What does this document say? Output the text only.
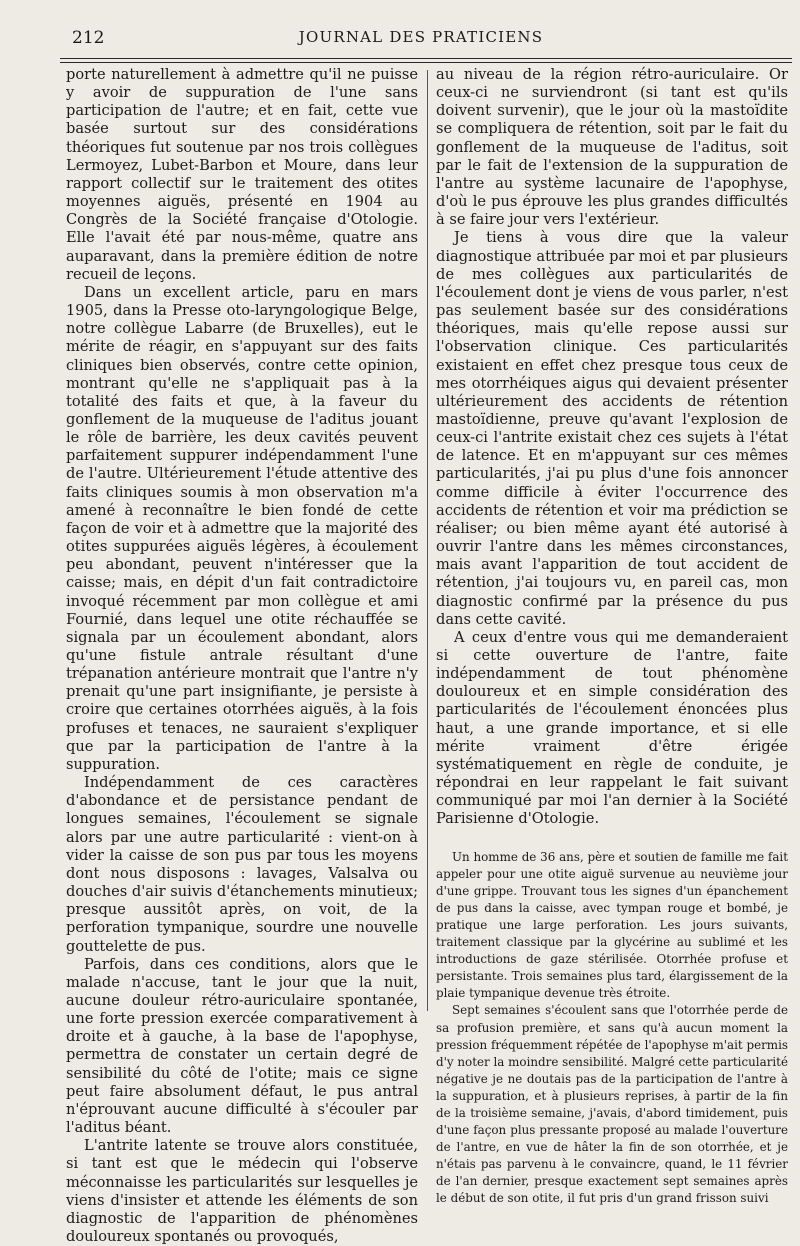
212	JOURNAL DES PRATICIENS

porte naturellement à admettre qu'il ne puisse y avoir de suppuration de l'une sans participation de l'autre; et en fait, cette vue basée surtout sur des considérations théoriques fut soutenue par nos trois collègues Lermoyez, Lubet-Barbon et Moure, dans leur rapport collectif sur le traitement des otites moyennes aiguës, présenté en 1904 au Congrès de la Société française d'Otologie. Elle l'avait été par nous-même, quatre ans auparavant, dans la première édition de notre recueil de leçons.

Dans un excellent article, paru en mars 1905, dans la Presse oto-laryngologique Belge, notre collègue Labarre (de Bruxelles), eut le mérite de réagir, en s'appuyant sur des faits cliniques bien observés, contre cette opinion, montrant qu'elle ne s'appliquait pas à la totalité des faits et que, à la faveur du gonflement de la muqueuse de l'aditus jouant le rôle de barrière, les deux cavités peuvent parfaitement suppurer indépendamment l'une de l'autre. Ultérieurement l'étude attentive des faits cliniques soumis à mon observation m'a amené à reconnaître le bien fondé de cette façon de voir et à admettre que la majorité des otites suppurées aiguës légères, à écoulement peu abondant, peuvent n'intéresser que la caisse; mais, en dépit d'un fait contradictoire invoqué récemment par mon collègue et ami Fournié, dans lequel une otite réchauffée se signala par un écoulement abondant, alors qu'une fistule antrale résultant d'une trépanation antérieure montrait que l'antre n'y prenait qu'une part insignifiante, je persiste à croire que certaines otorrhées aiguës, à la fois profuses et tenaces, ne sauraient s'expliquer que par la participation de l'antre à la suppuration.

Indépendamment de ces caractères d'abondance et de persistance pendant de longues semaines, l'écoulement se signale alors par une autre particularité : vient-on à vider la caisse de son pus par tous les moyens dont nous disposons : lavages, Valsalva ou douches d'air suivis d'étanchements minutieux; presque aussitôt après, on voit, de la perforation tympanique, sourdre une nouvelle gouttelette de pus.

Parfois, dans ces conditions, alors que le malade n'accuse, tant le jour que la nuit, aucune douleur rétro-auriculaire spontanée, une forte pression exercée comparativement à droite et à gauche, à la base de l'apophyse, permettra de constater un certain degré de sensibilité du côté de l'otite; mais ce signe peut faire absolument défaut, le pus antral n'éprouvant aucune difficulté à s'écouler par l'aditus béant.

L'antrite latente se trouve alors constituée, si tant est que le médecin qui l'observe méconnaisse les particularités sur lesquelles je viens d'insister et attende les éléments de son diagnostic de l'apparition de phénomènes douloureux spontanés ou provoqués,

au niveau de la région rétro-auriculaire. Or ceux-ci ne surviendront (si tant est qu'ils doivent survenir), que le jour où la mastoïdite se compliquera de rétention, soit par le fait du gonflement de la muqueuse de l'aditus, soit par le fait de l'extension de la suppuration de l'antre au système lacunaire de l'apophyse, d'où le pus éprouve les plus grandes difficultés à se faire jour vers l'extérieur.

Je tiens à vous dire que la valeur diagnostique attribuée par moi et par plusieurs de mes collègues aux particularités de l'écoulement dont je viens de vous parler, n'est pas seulement basée sur des considérations théoriques, mais qu'elle repose aussi sur l'observation clinique. Ces particularités existaient en effet chez presque tous ceux de mes otorrhéiques aigus qui devaient présenter ultérieurement des accidents de rétention mastoïdienne, preuve qu'avant l'explosion de ceux-ci l'antrite existait chez ces sujets à l'état de latence. Et en m'appuyant sur ces mêmes particularités, j'ai pu plus d'une fois annoncer comme difficile à éviter l'occurrence des accidents de rétention et voir ma prédiction se réaliser; ou bien même ayant été autorisé à ouvrir l'antre dans les mêmes circonstances, mais avant l'apparition de tout accident de rétention, j'ai toujours vu, en pareil cas, mon diagnostic confirmé par la présence du pus dans cette cavité.

A ceux d'entre vous qui me demanderaient si cette ouverture de l'antre, faite indépendamment de tout phénomène douloureux et en simple considération des particularités de l'écoulement énoncées plus haut, a une grande importance, et si elle mérite vraiment d'être érigée systématiquement en règle de conduite, je répondrai en leur rappelant le fait suivant communiqué par moi l'an dernier à la Société Parisienne d'Otologie.

Un homme de 36 ans, père et soutien de famille me fait appeler pour une otite aiguë survenue au neuvième jour d'une grippe. Trouvant tous les signes d'un épanchement de pus dans la caisse, avec tympan rouge et bombé, je pratique une large perforation. Les jours suivants, traitement classique par la glycérine au sublimé et les introductions de gaze stérilisée. Otorrhée profuse et persistante. Trois semaines plus tard, élargissement de la plaie tympanique devenue très étroite.

Sept semaines s'écoulent sans que l'otorrhée perde de sa profusion première, et sans qu'à aucun moment la pression fréquemment répétée de l'apophyse m'ait permis d'y noter la moindre sensibilité. Malgré cette particularité négative je ne doutais pas de la participation de l'antre à la suppuration, et à plusieurs reprises, à partir de la fin de la troisième semaine, j'avais, d'abord timidement, puis d'une façon plus pressante proposé au malade l'ouverture de l'antre, en vue de hâter la fin de son otorrhée, et je n'étais pas parvenu à le convaincre, quand, le 11 février de l'an dernier, presque exactement sept semaines après le début de son otite, il fut pris d'un grand frisson suivi
